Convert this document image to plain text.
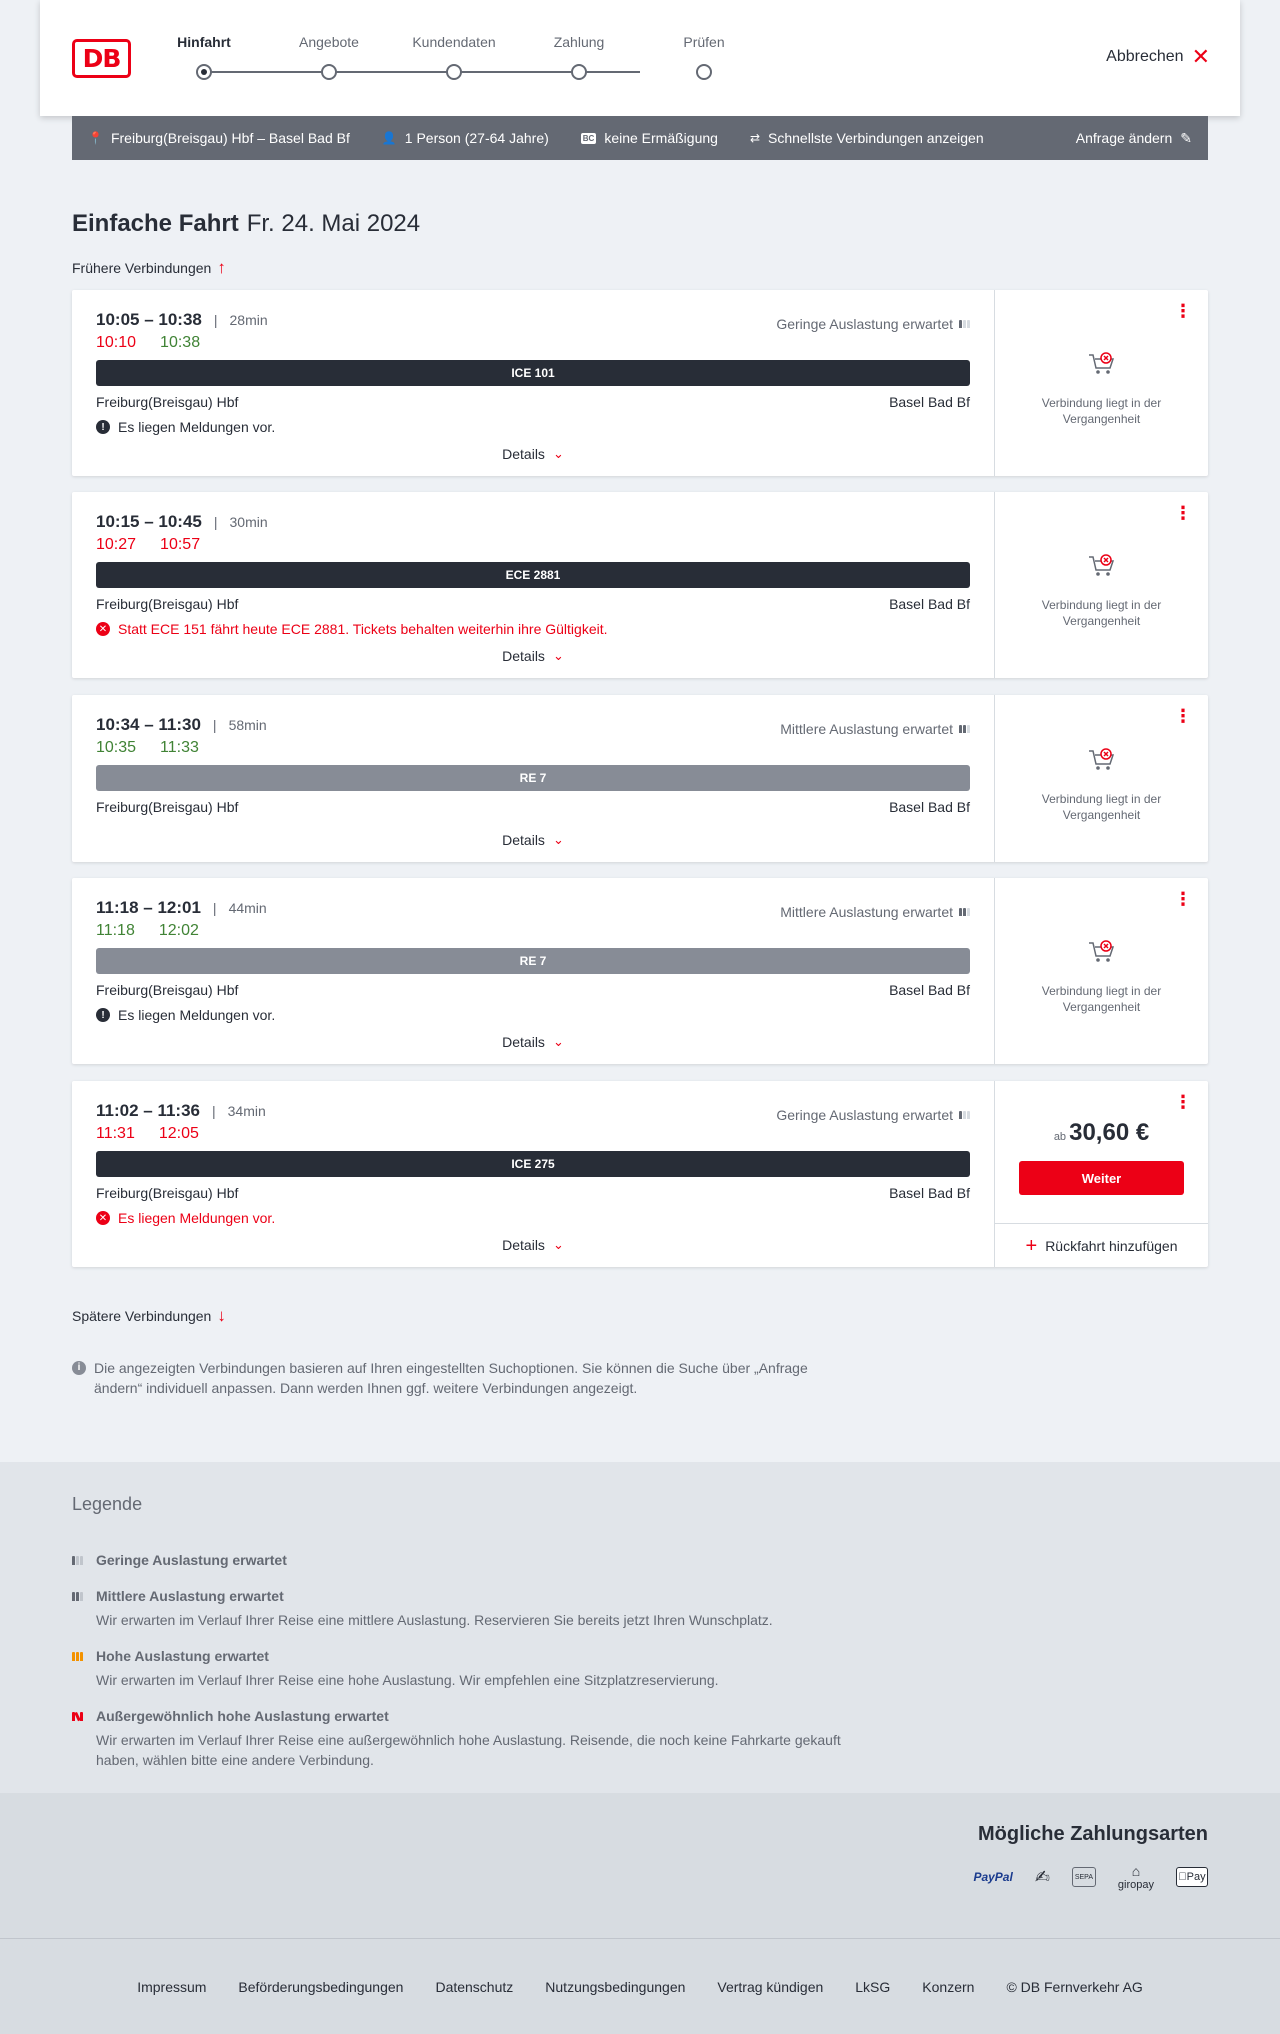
DB
Hinfahrt	Angebote	Kundendaten	Zahlung	Prüfen
Abbrechen ✕
📍 Freiburg(Breisgau) Hbf – Basel Bad Bf	👤 1 Person (27-64 Jahre)	BC keine Ermäßigung	⇄ Schnellste Verbindungen anzeigen	Anfrage ändern ✎
Einfache Fahrt Fr. 24. Mai 2024
Frühere Verbindungen ↑
10:05 – 10:38 | 28min	Geringe Auslastung erwartet
10:10 10:38
ICE 101
Freiburg(Breisgau) Hbf	Basel Bad Bf
! Es liegen Meldungen vor.
Details ⌄
⋮
Verbindung liegt in der Vergangenheit
10:15 – 10:45 | 30min
10:27 10:57
ECE 2881
Freiburg(Breisgau) Hbf	Basel Bad Bf
✕ Statt ECE 151 fährt heute ECE 2881. Tickets behalten weiterhin ihre Gültigkeit.
Details ⌄
⋮
Verbindung liegt in der Vergangenheit
10:34 – 11:30 | 58min	Mittlere Auslastung erwartet
10:35 11:33
RE 7
Freiburg(Breisgau) Hbf	Basel Bad Bf
Details ⌄
⋮
Verbindung liegt in der Vergangenheit
11:18 – 12:01 | 44min	Mittlere Auslastung erwartet
11:18 12:02
RE 7
Freiburg(Breisgau) Hbf	Basel Bad Bf
! Es liegen Meldungen vor.
Details ⌄
⋮
Verbindung liegt in der Vergangenheit
11:02 – 11:36 | 34min	Geringe Auslastung erwartet
11:31 12:05
ICE 275
Freiburg(Breisgau) Hbf	Basel Bad Bf
✕ Es liegen Meldungen vor.
Details ⌄
⋮
ab 30,60 €
Weiter
+ Rückfahrt hinzufügen
Spätere Verbindungen ↓
i Die angezeigten Verbindungen basieren auf Ihren eingestellten Suchoptionen. Sie können die Suche über „Anfrage ändern“ individuell anpassen. Dann werden Ihnen ggf. weitere Verbindungen angezeigt.
Legende
Geringe Auslastung erwartet
Mittlere Auslastung erwartet
Wir erwarten im Verlauf Ihrer Reise eine mittlere Auslastung. Reservieren Sie bereits jetzt Ihren Wunschplatz.
Hohe Auslastung erwartet
Wir erwarten im Verlauf Ihrer Reise eine hohe Auslastung. Wir empfehlen eine Sitzplatzreservierung.
Außergewöhnlich hohe Auslastung erwartet
Wir erwarten im Verlauf Ihrer Reise eine außergewöhnlich hohe Auslastung. Reisende, die noch keine Fahrkarte gekauft haben, wählen bitte eine andere Verbindung.
Mögliche Zahlungsarten
PayPal ✍	SEPA	⌂
giropay
Pay
Impressum Beförderungsbedingungen Datenschutz Nutzungsbedingungen Vertrag kündigen LkSG Konzern © DB Fernverkehr AG
